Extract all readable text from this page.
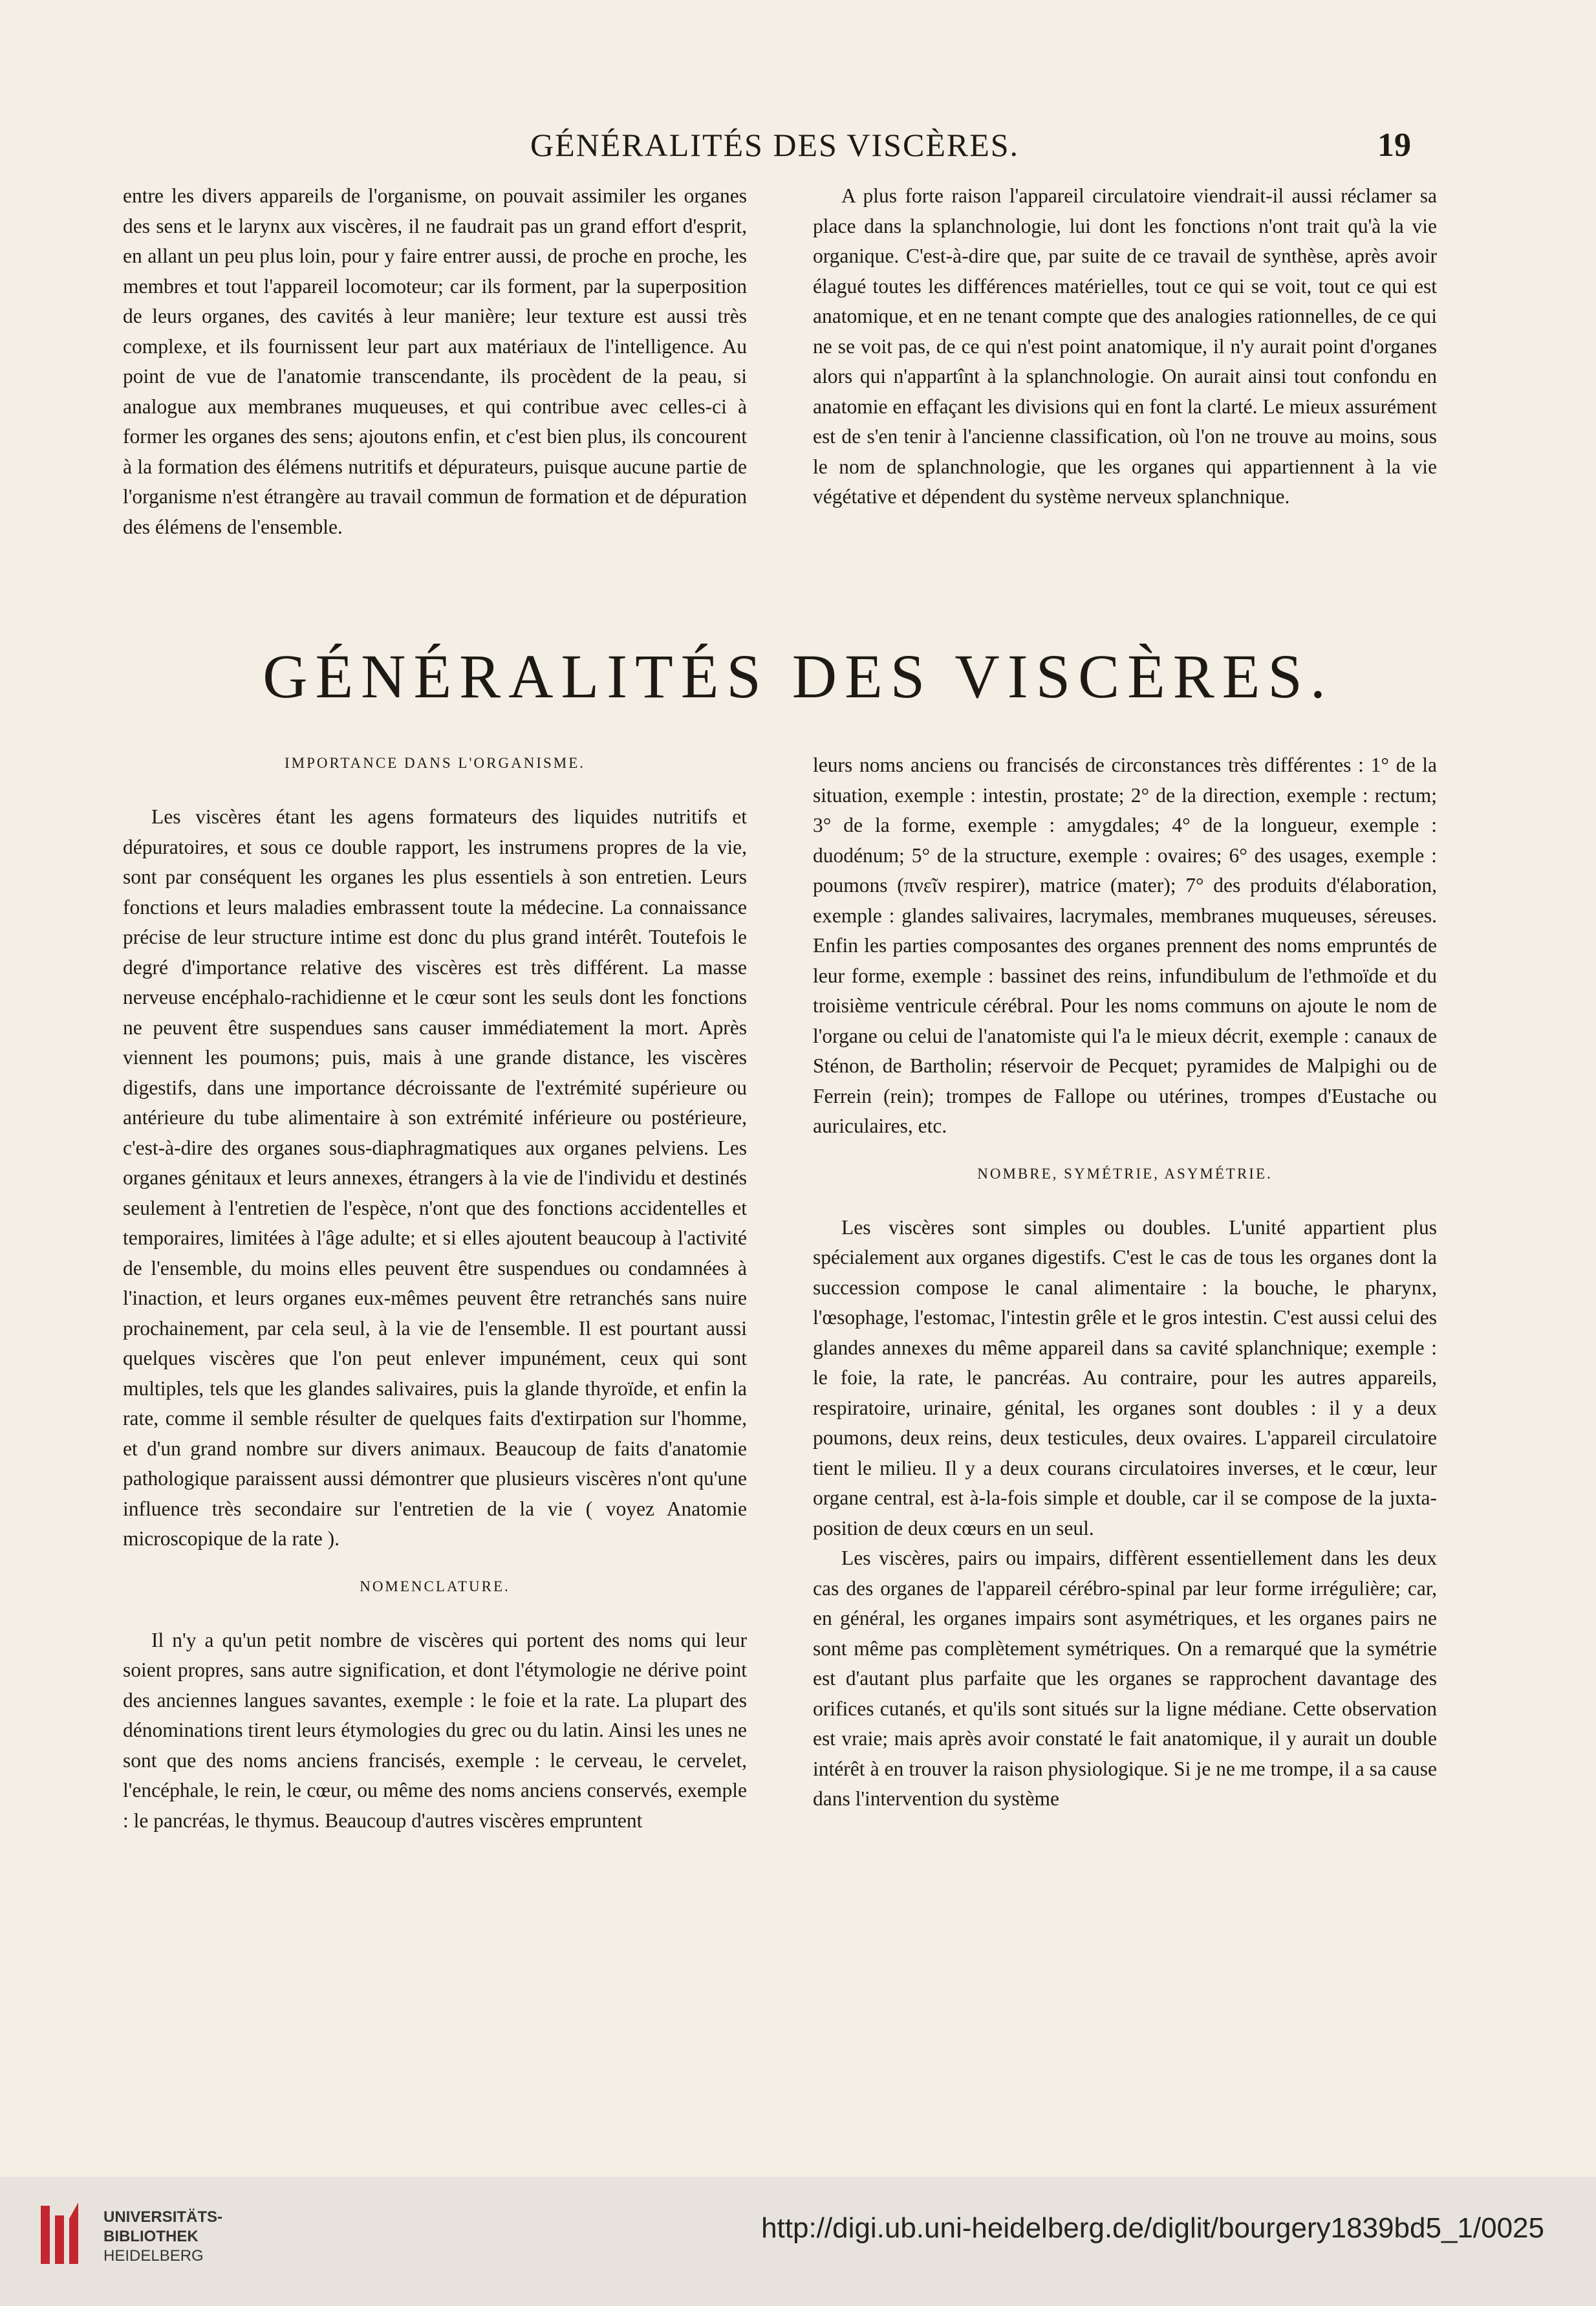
GÉNÉRALITÉS DES VISCÈRES.	19

entre les divers appareils de l'organisme, on pouvait assimiler les organes des sens et le larynx aux viscères, il ne faudrait pas un grand effort d'esprit, en allant un peu plus loin, pour y faire entrer aussi, de proche en proche, les membres et tout l'appareil locomoteur; car ils forment, par la superposition de leurs organes, des cavités à leur manière; leur texture est aussi très complexe, et ils fournissent leur part aux matériaux de l'intelligence. Au point de vue de l'anatomie transcendante, ils procèdent de la peau, si analogue aux membranes muqueuses, et qui contribue avec celles-ci à former les organes des sens; ajoutons enfin, et c'est bien plus, ils concourent à la formation des élémens nutritifs et dépurateurs, puisque aucune partie de l'organisme n'est étrangère au travail commun de formation et de dépuration des élémens de l'ensemble.

A plus forte raison l'appareil circulatoire viendrait-il aussi réclamer sa place dans la splanchnologie, lui dont les fonctions n'ont trait qu'à la vie organique. C'est-à-dire que, par suite de ce travail de synthèse, après avoir élagué toutes les différences matérielles, tout ce qui se voit, tout ce qui est anatomique, et en ne tenant compte que des analogies rationnelles, de ce qui ne se voit pas, de ce qui n'est point anatomique, il n'y aurait point d'organes alors qui n'appartînt à la splanchnologie. On aurait ainsi tout confondu en anatomie en effaçant les divisions qui en font la clarté. Le mieux assurément est de s'en tenir à l'ancienne classification, où l'on ne trouve au moins, sous le nom de splanchnologie, que les organes qui appartiennent à la vie végétative et dépendent du système nerveux splanchnique.

GÉNÉRALITÉS DES VISCÈRES.
IMPORTANCE DANS L'ORGANISME.

Les viscères étant les agens formateurs des liquides nutritifs et dépuratoires, et sous ce double rapport, les instrumens propres de la vie, sont par conséquent les organes les plus essentiels à son entretien. Leurs fonctions et leurs maladies embrassent toute la médecine. La connaissance précise de leur structure intime est donc du plus grand intérêt. Toutefois le degré d'importance relative des viscères est très différent. La masse nerveuse encéphalo-rachidienne et le cœur sont les seuls dont les fonctions ne peuvent être suspendues sans causer immédiatement la mort. Après viennent les poumons; puis, mais à une grande distance, les viscères digestifs, dans une importance décroissante de l'extrémité supérieure ou antérieure du tube alimentaire à son extrémité inférieure ou postérieure, c'est-à-dire des organes sous-diaphragmatiques aux organes pelviens. Les organes génitaux et leurs annexes, étrangers à la vie de l'individu et destinés seulement à l'entretien de l'espèce, n'ont que des fonctions accidentelles et temporaires, limitées à l'âge adulte; et si elles ajoutent beaucoup à l'activité de l'ensemble, du moins elles peuvent être suspendues ou condamnées à l'inaction, et leurs organes eux-mêmes peuvent être retranchés sans nuire prochainement, par cela seul, à la vie de l'ensemble. Il est pourtant aussi quelques viscères que l'on peut enlever impunément, ceux qui sont multiples, tels que les glandes salivaires, puis la glande thyroïde, et enfin la rate, comme il semble résulter de quelques faits d'extirpation sur l'homme, et d'un grand nombre sur divers animaux. Beaucoup de faits d'anatomie pathologique paraissent aussi démontrer que plusieurs viscères n'ont qu'une influence très secondaire sur l'entretien de la vie ( voyez Anatomie microscopique de la rate ).

NOMENCLATURE.

Il n'y a qu'un petit nombre de viscères qui portent des noms qui leur soient propres, sans autre signification, et dont l'étymologie ne dérive point des anciennes langues savantes, exemple : le foie et la rate. La plupart des dénominations tirent leurs étymologies du grec ou du latin. Ainsi les unes ne sont que des noms anciens francisés, exemple : le cerveau, le cervelet, l'encéphale, le rein, le cœur, ou même des noms anciens conservés, exemple : le pancréas, le thymus. Beaucoup d'autres viscères empruntent

leurs noms anciens ou francisés de circonstances très différentes : 1° de la situation, exemple : intestin, prostate; 2° de la direction, exemple : rectum; 3° de la forme, exemple : amygdales; 4° de la longueur, exemple : duodénum; 5° de la structure, exemple : ovaires; 6° des usages, exemple : poumons (πνεῖν respirer), matrice (mater); 7° des produits d'élaboration, exemple : glandes salivaires, lacrymales, membranes muqueuses, séreuses. Enfin les parties composantes des organes prennent des noms empruntés de leur forme, exemple : bassinet des reins, infundibulum de l'ethmoïde et du troisième ventricule cérébral. Pour les noms communs on ajoute le nom de l'organe ou celui de l'anatomiste qui l'a le mieux décrit, exemple : canaux de Sténon, de Bartholin; réservoir de Pecquet; pyramides de Malpighi ou de Ferrein (rein); trompes de Fallope ou utérines, trompes d'Eustache ou auriculaires, etc.

NOMBRE, SYMÉTRIE, ASYMÉTRIE.

Les viscères sont simples ou doubles. L'unité appartient plus spécialement aux organes digestifs. C'est le cas de tous les organes dont la succession compose le canal alimentaire : la bouche, le pharynx, l'œsophage, l'estomac, l'intestin grêle et le gros intestin. C'est aussi celui des glandes annexes du même appareil dans sa cavité splanchnique; exemple : le foie, la rate, le pancréas. Au contraire, pour les autres appareils, respiratoire, urinaire, génital, les organes sont doubles : il y a deux poumons, deux reins, deux testicules, deux ovaires. L'appareil circulatoire tient le milieu. Il y a deux courans circulatoires inverses, et le cœur, leur organe central, est à-la-fois simple et double, car il se compose de la juxta-position de deux cœurs en un seul.

Les viscères, pairs ou impairs, diffèrent essentiellement dans les deux cas des organes de l'appareil cérébro-spinal par leur forme irrégulière; car, en général, les organes impairs sont asymétriques, et les organes pairs ne sont même pas complètement symétriques. On a remarqué que la symétrie est d'autant plus parfaite que les organes se rapprochent davantage des orifices cutanés, et qu'ils sont situés sur la ligne médiane. Cette observation est vraie; mais après avoir constaté le fait anatomique, il y aurait un double intérêt à en trouver la raison physiologique. Si je ne me trompe, il a sa cause dans l'intervention du système

UNIVERSITÄTS-
BIBLIOTHEK
HEIDELBERG
http://digi.ub.uni-heidelberg.de/diglit/bourgery1839bd5_1/0025
